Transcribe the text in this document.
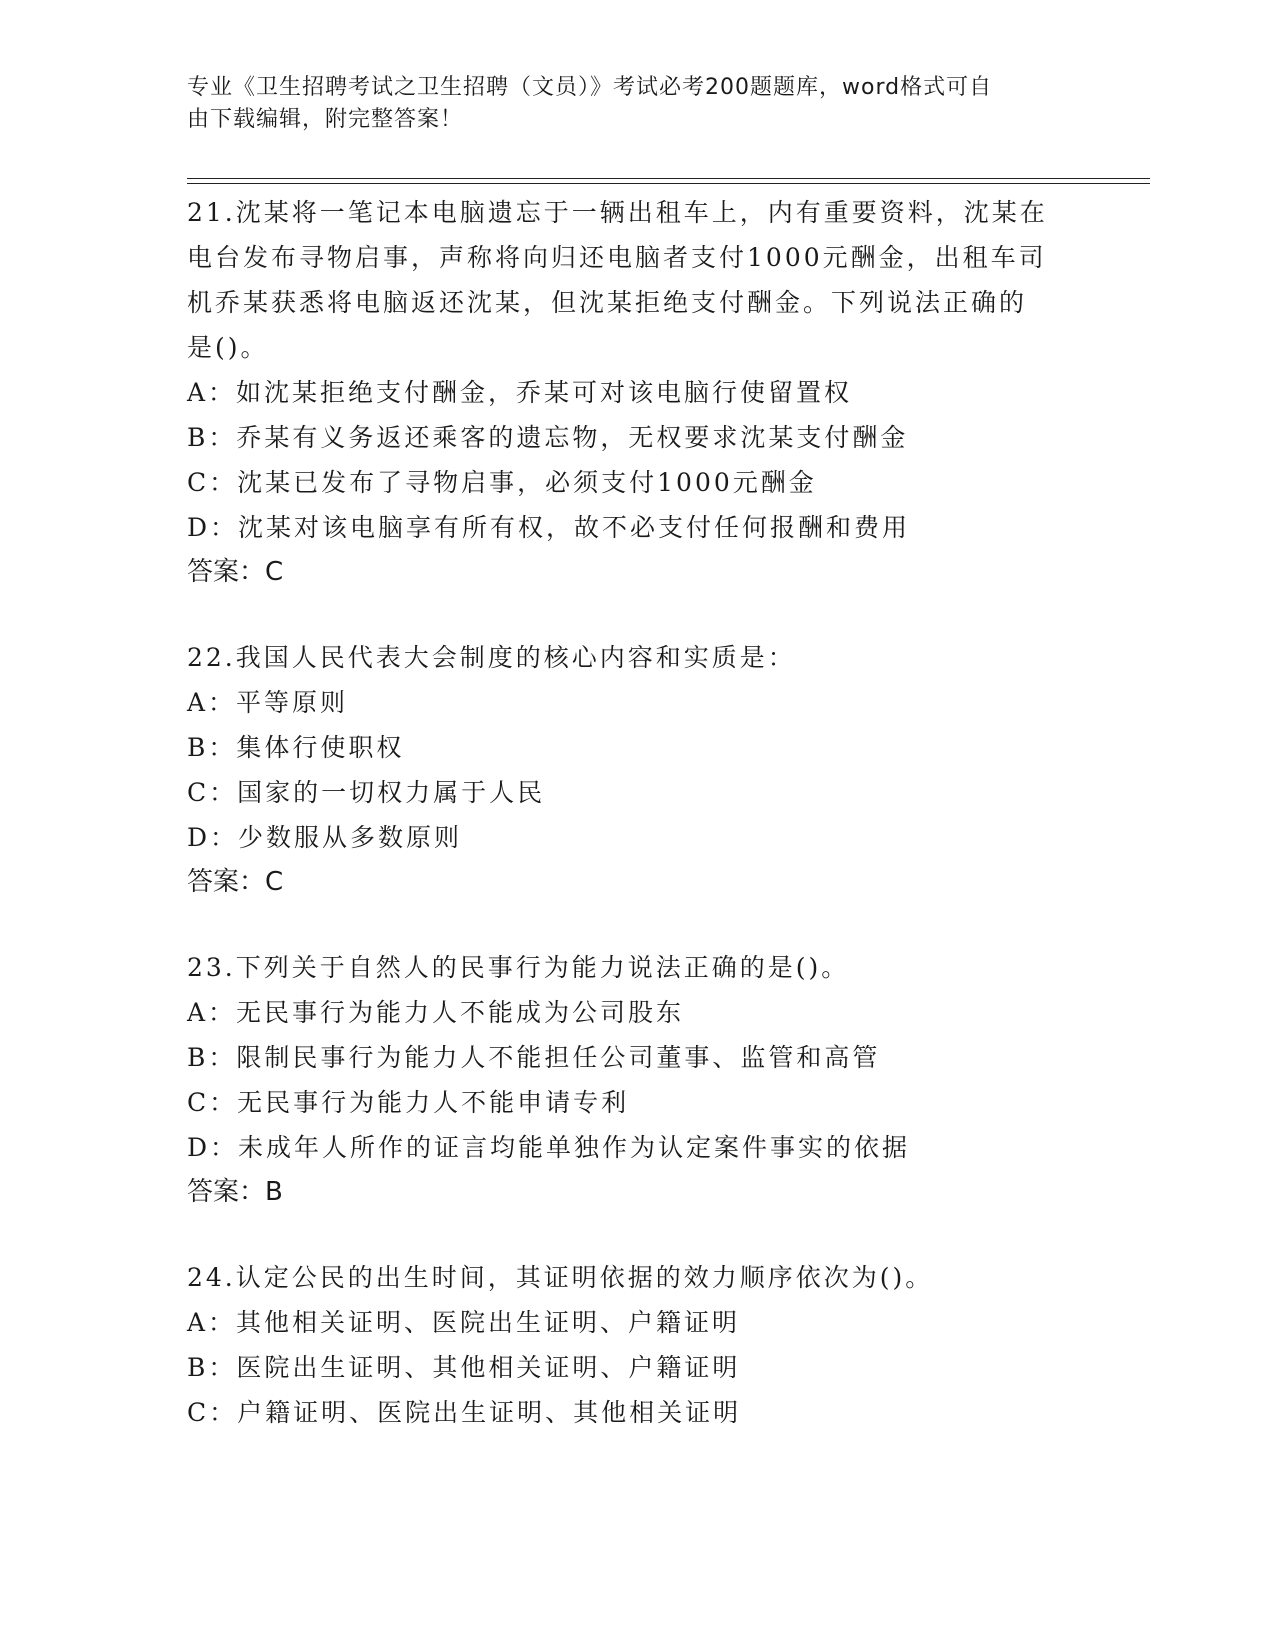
专业《卫生招聘考试之卫生招聘（文员）》考试必考200题题库，word格式可自
由下载编辑，附完整答案！
21.沈某将一笔记本电脑遗忘于一辆出租车上，内有重要资料，沈某在
电台发布寻物启事，声称将向归还电脑者支付1000元酬金，出租车司
机乔某获悉将电脑返还沈某，但沈某拒绝支付酬金。下列说法正确的
是()。
A：如沈某拒绝支付酬金，乔某可对该电脑行使留置权
B：乔某有义务返还乘客的遗忘物，无权要求沈某支付酬金
C：沈某已发布了寻物启事，必须支付1000元酬金
D：沈某对该电脑享有所有权，故不必支付任何报酬和费用
答案：C
22.我国人民代表大会制度的核心内容和实质是：
A：平等原则
B：集体行使职权
C：国家的一切权力属于人民
D：少数服从多数原则
答案：C
23.下列关于自然人的民事行为能力说法正确的是()。
A：无民事行为能力人不能成为公司股东
B：限制民事行为能力人不能担任公司董事、监管和高管
C：无民事行为能力人不能申请专利
D：未成年人所作的证言均能单独作为认定案件事实的依据
答案：B
24.认定公民的出生时间，其证明依据的效力顺序依次为()。
A：其他相关证明、医院出生证明、户籍证明
B：医院出生证明、其他相关证明、户籍证明
C：户籍证明、医院出生证明、其他相关证明
